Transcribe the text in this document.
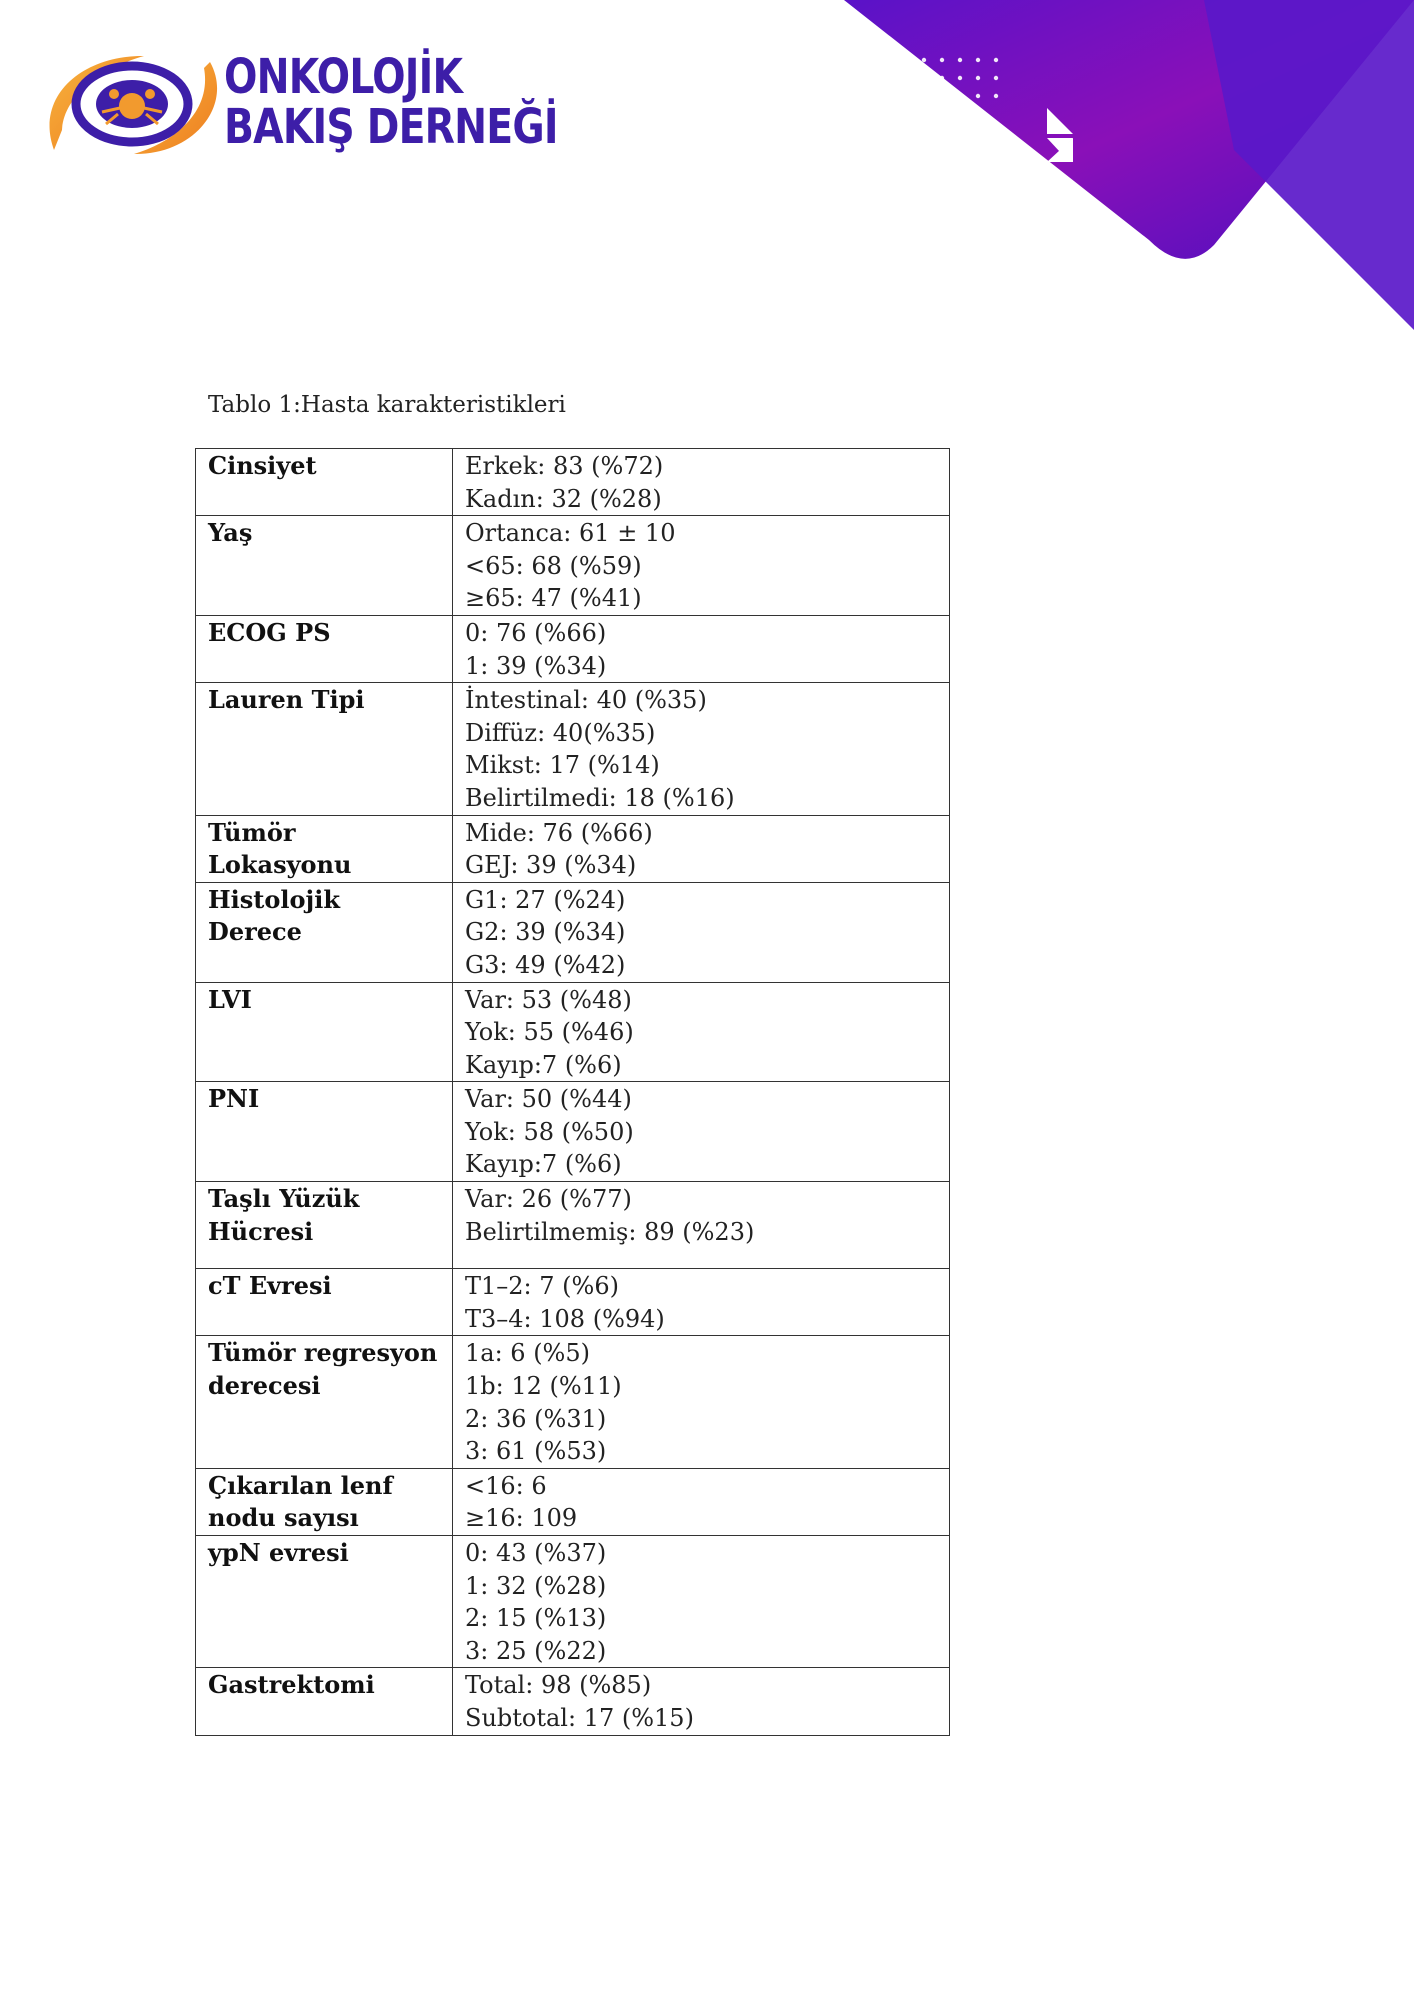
ONKOLOJİK
BAKIŞ DERNEĞİ
Tablo 1:Hasta karakteristikleri
Cinsiyet	Erkek: 83 (%72)
Kadın: 32 (%28)

Yaş	Ortanca: 61 ± 10
<65: 68 (%59)
≥65: 47 (%41)

ECOG PS	0: 76 (%66)
1: 39 (%34)

Lauren Tipi	İntestinal: 40 (%35)
Diffüz: 40(%35)
Mikst: 17 (%14)
Belirtilmedi: 18 (%16)

Tümör Lokasyonu	Mide: 76 (%66)
GEJ: 39 (%34)

Histolojik Derece	G1: 27 (%24)
G2: 39 (%34)
G3: 49 (%42)

LVI	Var: 53 (%48)
Yok: 55 (%46)
Kayıp:7 (%6)

PNI	Var: 50 (%44)
Yok: 58 (%50)
Kayıp:7 (%6)

Taşlı Yüzük Hücresi	Var: 26 (%77)
Belirtilmemiş: 89 (%23)

cT Evresi	T1–2: 7 (%6)
T3–4: 108 (%94)

Tümör regresyon derecesi	1a: 6 (%5)
1b: 12 (%11)
2: 36 (%31)
3: 61 (%53)

Çıkarılan lenf nodu sayısı	<16: 6
≥16: 109

ypN evresi	0: 43 (%37)
1: 32 (%28)
2: 15 (%13)
3: 25 (%22)

Gastrektomi	Total: 98 (%85)
Subtotal: 17 (%15)
